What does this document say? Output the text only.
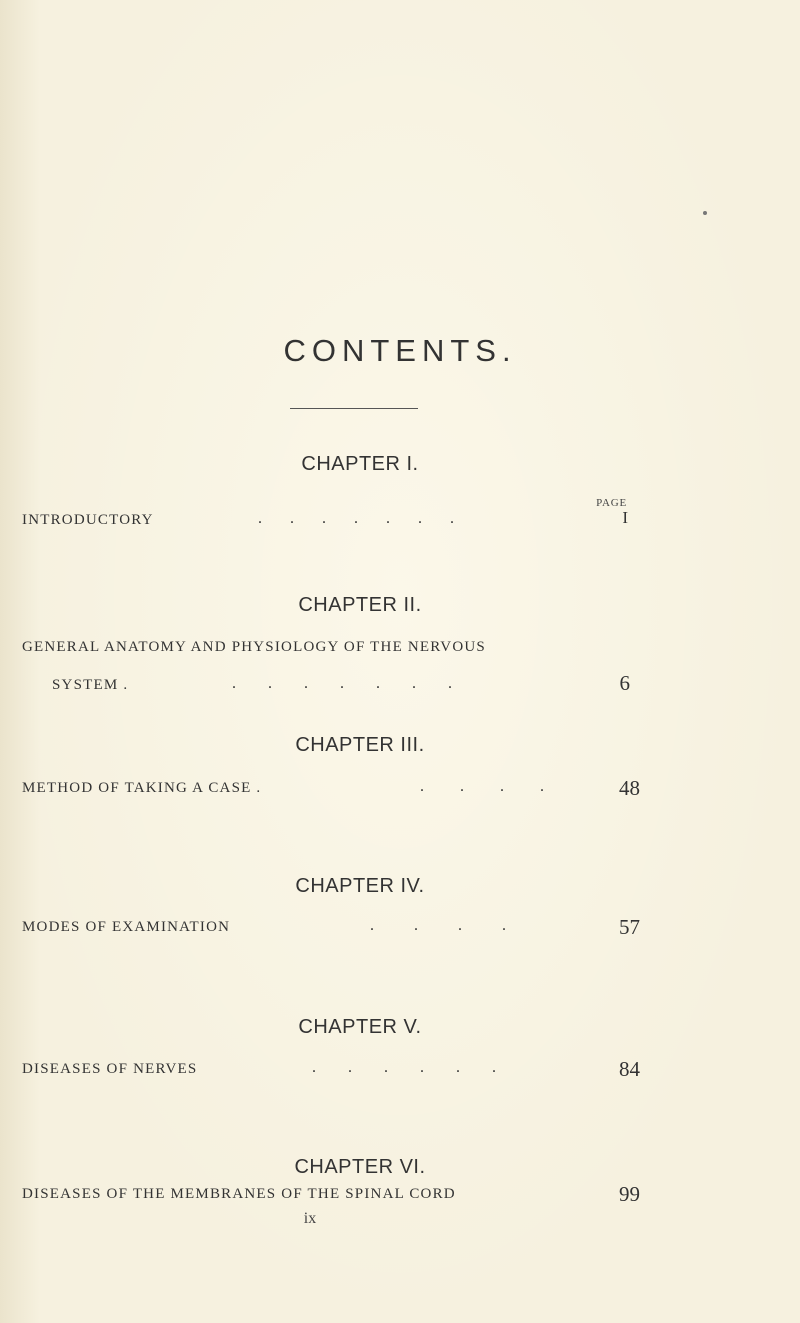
CONTENTS.
CHAPTER I.
PAGE
INTRODUCTORY	.       .       .       .       .       .       .	I
CHAPTER II.
GENERAL ANATOMY AND PHYSIOLOGY OF THE NERVOUS
SYSTEM .	.        .        .        .        .        .        .	6
CHAPTER III.
METHOD OF TAKING A CASE .	.         .         .         .	48
CHAPTER IV.
MODES OF EXAMINATION	.          .          .          .	57
CHAPTER V.
DISEASES OF NERVES	.        .        .        .        .        .	84
CHAPTER VI.
DISEASES OF THE MEMBRANES OF THE SPINAL CORD	99
ix
